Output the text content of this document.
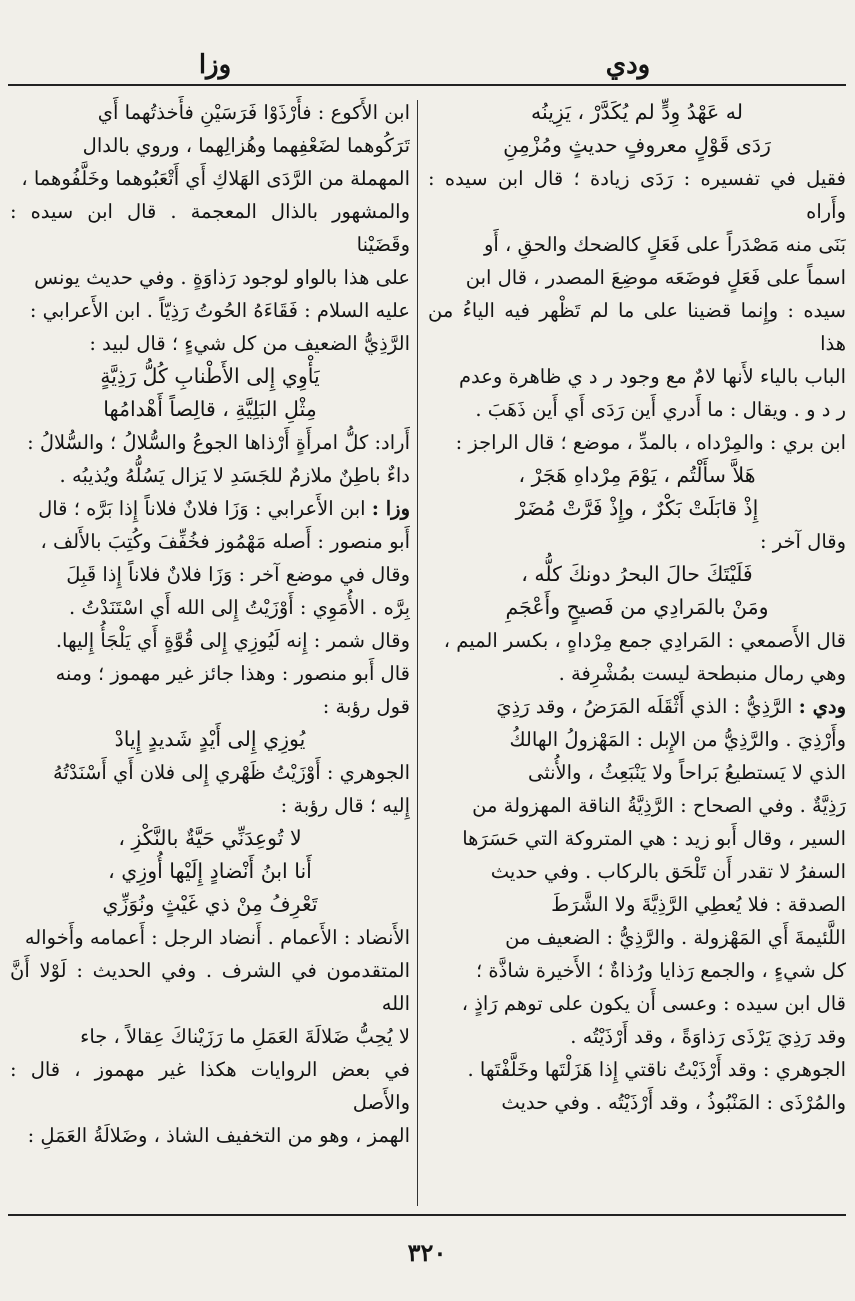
ودي
وزا

له عَهْدُ وِدٍّ لم يُكَدَّرْ ، يَزِينُه

رَدَى قَوْلٍ معروفٍ حديثٍ ومُزْمِنِ

فقيل في تفسيره : رَدَى زيادة ؛ قال ابن سيده : وأَراه

بَنَى منه مَصْدَراً على فَعَلٍ كالضحك والحقِ ، أَو

اسماً على فَعَلٍ فوضَعَه موضِعَ المصدر ، قال ابن

سيده : وإِنما قضينا على ما لم تَظْهر فيه الياءُ من هذا

الباب بالياء لأَنها لامٌ مع وجود ر د ي ظاهرة وعدم

ر د و . ويقال : ما أَدري أَين رَدَى أَي أَين ذَهَبَ .

ابن بري : والمِرْداه ، بالمدِّ ، موضع ؛ قال الراجز :

هَلاَّ سأَلْتُم ، يَوْمَ مِرْداهِ هَجَرْ ،

إِذْ قابَلَتْ بَكْرٌ ، وإِذْ فَرَّتْ مُضَرْ

وقال آخر :

فَلَيْتَكَ حالَ البحرُ دونكَ كلُّه ،

ومَنْ بالمَرادِي من فَصيحٍ وأَعْجَمِ

قال الأَصمعي : المَرادِي جمع مِرْداهٍ ، بكسر الميم ،

وهي رمال منبطحة ليست بمُشْرِفة .

ودي : الرَّذِيُّ : الذي أَثْقَلَه المَرَضُ ، وقد رَذِيَ

وأَرْذِيَ . والرَّذِيُّ من الإِبل : المَهْزولُ الهالكُ

الذي لا يَستطيعُ بَراحاً ولا يَنْبَعِثُ ، والأُنثى

رَذِيَّةٌ . وفي الصحاح : الرَّذِيَّةُ الناقة المهزولة من

السير ، وقال أَبو زيد : هي المتروكة التي حَسَرَها

السفرُ لا تقدر أَن تَلْحَق بالركاب . وفي حديث

الصدقة : فلا يُعطِي الرَّذِيَّةَ ولا الشَّرَطَ

اللَّئيمةَ أَي المَهْزولة . والرَّذِيُّ : الضعيف من

كل شيءٍ ، والجمع رَذايا ورُذاةٌ ؛ الأَخيرة شاذَّة ؛

قال ابن سيده : وعسى أَن يكون على توهم رَاذٍ ،

وقد رَذِيَ يَرْذَى رَذاوَةً ، وقد أَرْذَيْتُه .

الجوهري : وقد أَرْذَيْتُ ناقتي إِذا هَزَلْتَها وخَلَّفْتَها .

والمُرْذَى : المَنْبُوذُ ، وقد أَرْذَيْتُه . وفي حديث

ابن الأَكوع : فأَرْذَوْا فَرَسَيْنِ فأَخذتُهما أَي

تَرَكُوهما لضَعْفِهما وهُزالِهما ، وروي بالدال

المهملة من الرَّدَى الهَلاكِ أَي أَتْعَبُوهما وخَلَّفُوهما ،

والمشهور بالذال المعجمة . قال ابن سيده : وقَضَيْنا

على هذا بالواو لوجود رَذاوَةٍ . وفي حديث يونس

عليه السلام : فَقَاءَهُ الحُوتُ رَذِيّاً . ابن الأَعرابي :

الرَّذِيُّ الضعيف من كل شيءٍ ؛ قال لبيد :

يَأْوِي إِلى الأَطْنابِ كُلُّ رَذِيَّةٍ

مِثْلِ البَلِيَّةِ ، قالِصاً أَهْدامُها

أَراد: كلُّ امرأَةٍ أَرْذاها الجوعُ والسُّلالُ ؛ والسُّلالُ :

داءٌ باطِنٌ ملازمٌ للجَسَدِ لا يَزال يَسُلُّهُ ويُذيبُه .

وزا : ابن الأَعرابي : وَزَا فلانٌ فلاناً إِذا بَرَّه ؛ قال

أَبو منصور : أَصله مَهْمُوز فخُفِّفَ وكُتِبَ بالأَلف ،

وقال في موضع آخر : وَزَا فلانٌ فلاناً إِذا قَبِلَ

بِرَّه . الأُمَوِي : أَوْزَيْتُ إِلى الله أَي اسْتَنَدْتُ .

وقال شمر : إِنه لَيُوزِي إِلى قُوَّةٍ أَي يَلْجَأُ إِليها.

قال أَبو منصور : وهذا جائز غير مهموز ؛ ومنه

قول رؤبة :

يُوزِي إِلى أَيْدٍ شَديدٍ إِيادْ

الجوهري : أَوْزَيْتُ ظَهْري إِلى فلان أَي أَسْنَدْتُهُ

إِليه ؛ قال رؤبة :

لا تُوعِدَنِّي حَيَّةٌ بالنَّكْزِ ،

أَنا ابنُ أَنْضادٍ إِلَيْها أُوزِي ،

تَعْرِفُ مِنْ ذي غَيْثٍ ونُوَزِّي

الأَنضاد : الأَعمام . أَنضاد الرجل : أَعمامه وأَخواله

المتقدمون في الشرف . وفي الحديث : لَوْلا أَنَّ الله

لا يُحِبُّ ضَلالَةَ العَمَلِ ما رَزَيْناكَ عِقالاً ، جاء

في بعض الروايات هكذا غير مهموز ، قال : والأَصل

الهمز ، وهو من التخفيف الشاذ ، وضَلالَةُ العَمَلِ :

٣٢٠
